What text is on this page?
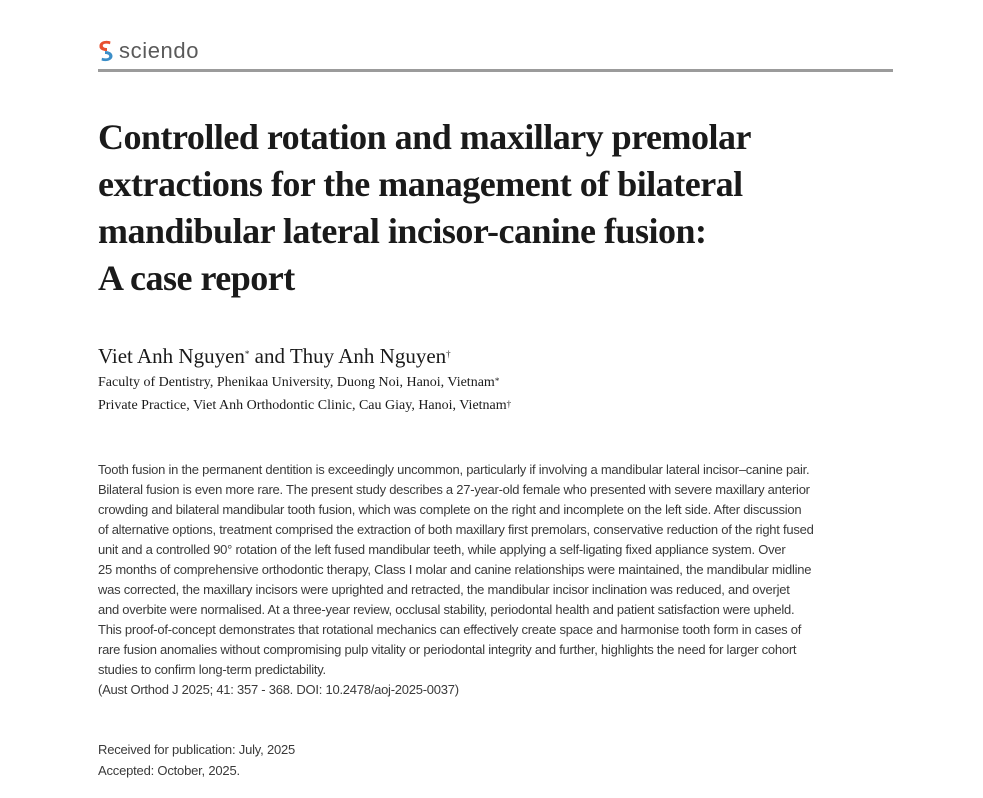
sciendo
Controlled rotation and maxillary premolar
extractions for the management of bilateral
mandibular lateral incisor-canine fusion:
A case report
Viet Anh Nguyen* and Thuy Anh Nguyen†
Faculty of Dentistry, Phenikaa University, Duong Noi, Hanoi, Vietnam*
Private Practice, Viet Anh Orthodontic Clinic, Cau Giay, Hanoi, Vietnam†
Tooth fusion in the permanent dentition is exceedingly uncommon, particularly if involving a mandibular lateral incisor–canine pair.
Bilateral fusion is even more rare. The present study describes a 27-year-old female who presented with severe maxillary anterior
crowding and bilateral mandibular tooth fusion, which was complete on the right and incomplete on the left side. After discussion
of alternative options, treatment comprised the extraction of both maxillary first premolars, conservative reduction of the right fused
unit and a controlled 90° rotation of the left fused mandibular teeth, while applying a self-ligating fixed appliance system. Over
25 months of comprehensive orthodontic therapy, Class I molar and canine relationships were maintained, the mandibular midline
was corrected, the maxillary incisors were uprighted and retracted, the mandibular incisor inclination was reduced, and overjet
and overbite were normalised. At a three-year review, occlusal stability, periodontal health and patient satisfaction were upheld.
This proof-of-concept demonstrates that rotational mechanics can effectively create space and harmonise tooth form in cases of
rare fusion anomalies without compromising pulp vitality or periodontal integrity and further, highlights the need for larger cohort
studies to confirm long-term predictability.
(Aust Orthod J 2025; 41: 357 - 368. DOI: 10.2478/aoj-2025-0037)
Received for publication: July, 2025
Accepted: October, 2025.
